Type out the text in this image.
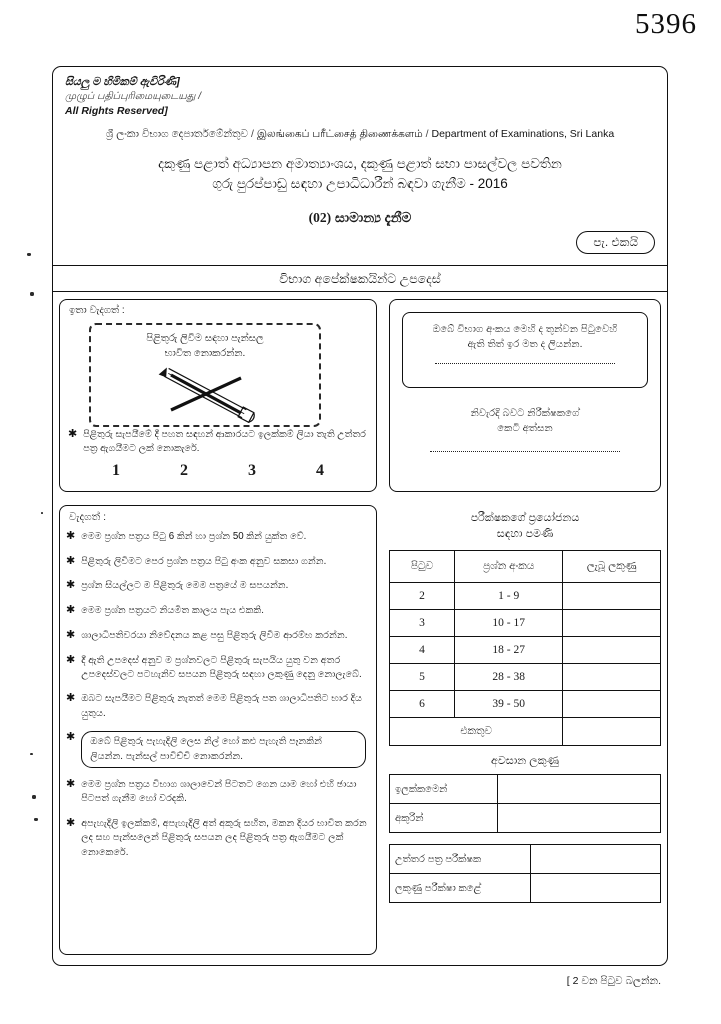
5396
සියලු ම හිමිකම් ඇවිරිණි]
முழுப் பதிப்புரிமையுடையது /
All Rights Reserved]
ශ්‍රී ලංකා විභාග දෙපාර්තමේන්තුව / இலங்கைப் பரீட்சைத் திணைக்களம் / Department of Examinations, Sri Lanka
දකුණු පළාත් අධ්‍යාපන අමාත්‍යාංශය, දකුණු පළාත් සභා පාසල්වල පවතින
ගුරු පුරප්පාඩු සඳහා උපාධිධාරීන් බඳවා ගැනීම - 2016
(02) සාමාන්‍ය දැනීම
පැ. එකයි
විභාග අපේක්ෂකයින්ට උපදෙස්
ඉතා වැදගත් :
පිළිතුරු ලිවීම සඳහා පැන්සල
භාවිත නොකරන්න.
✱ පිළිතුරු සැපයීමේ දී පහත සඳහන් ආකාරයට ඉලක්කම් ලියා තැති උත්තර පත්‍ර ඇගයීමට ලක් නොකැරේ.
1 2 3 4
ඔබේ විභාග අංකය මෙහි ද තුන්වන පිටුවෙහි
ඇති තිත් ඉර මත ද ලියන්න.
නිවැරදි බවට නිරීක්ෂකගේ
කෙටි අත්සන
වැදගත් :
✱ මෙම ප්‍රශ්න පත්‍රය පිටු 6 කින් හා ප්‍රශ්න 50 කින් යුක්ත වේ.
✱ පිළිතුරු ලිවීමට පෙර ප්‍රශ්න පත්‍රය පිටු අංක අනුව සකසා ගන්න.
✱ ප්‍රශ්න සියල්ලට ම පිළිතුරු මෙම පත්‍රයේ ම සපයන්න.
✱ මෙම ප්‍රශ්න පත්‍රයට නියමිත කාලය පැය එකකි.
✱ ශාලාධිපතිවරයා නිවේදනය කළ පසු පිළිතුරු ලිවීම ආරම්භ කරන්න.
✱ දී ඇති උපදෙස් අනුව ම ප්‍රශ්නවලට පිළිතුරු සැපයිය යුතු වන අතර උපදෙස්වලට පටහැනිව සපයන පිළිතුරු සඳහා ලකුණු දෙනු නොලැබේ.
✱ ඔබට සැපයීමට පිළිතුරු නැතත් මෙම පිළිතුරු පත ශාලාධිපතිට භාර දිය යුතුය.
✱	ඔබේ පිළිතුරු පැහැදිලි ලෙස නිල් හෝ කළු පැහැති පෑනකින් ලියන්න. පැන්සල් පාවිච්චි නොකරන්න.
✱ මෙම ප්‍රශ්න පත්‍රය විභාග ශාලාවෙන් පිටතට ගෙන යාම හෝ එහි ඡායා පිටපත් ගැනීම හෝ වරදකි.
✱ අපැහැදිලි ඉලක්කම්, අපැහැදිලි අත් අකුරු සහිත, මකන දියර භාවිත කරන ලද සහ පැන්සලෙන් පිළිතුරු සපයන ලද පිළිතුරු පත්‍ර ඇගයීමට ලක් නොකෙරේ.
පරීක්ෂකගේ ප්‍රයෝජනය
සඳහා පමණි
පිටුව	ප්‍රශ්න අංකය	ලැබූ ලකුණු
2	1 - 9	
3	10 - 17	
4	18 - 27	
5	28 - 38	
6	39 - 50	
එකතුව		
අවසාන ලකුණු
ඉලක්කමෙන්	
අකුරින්	
උත්තර පත්‍ර පරීක්ෂක	
ලකුණු පරීක්ෂා කළේ	
[ 2 වන පිටුව බලන්න.
